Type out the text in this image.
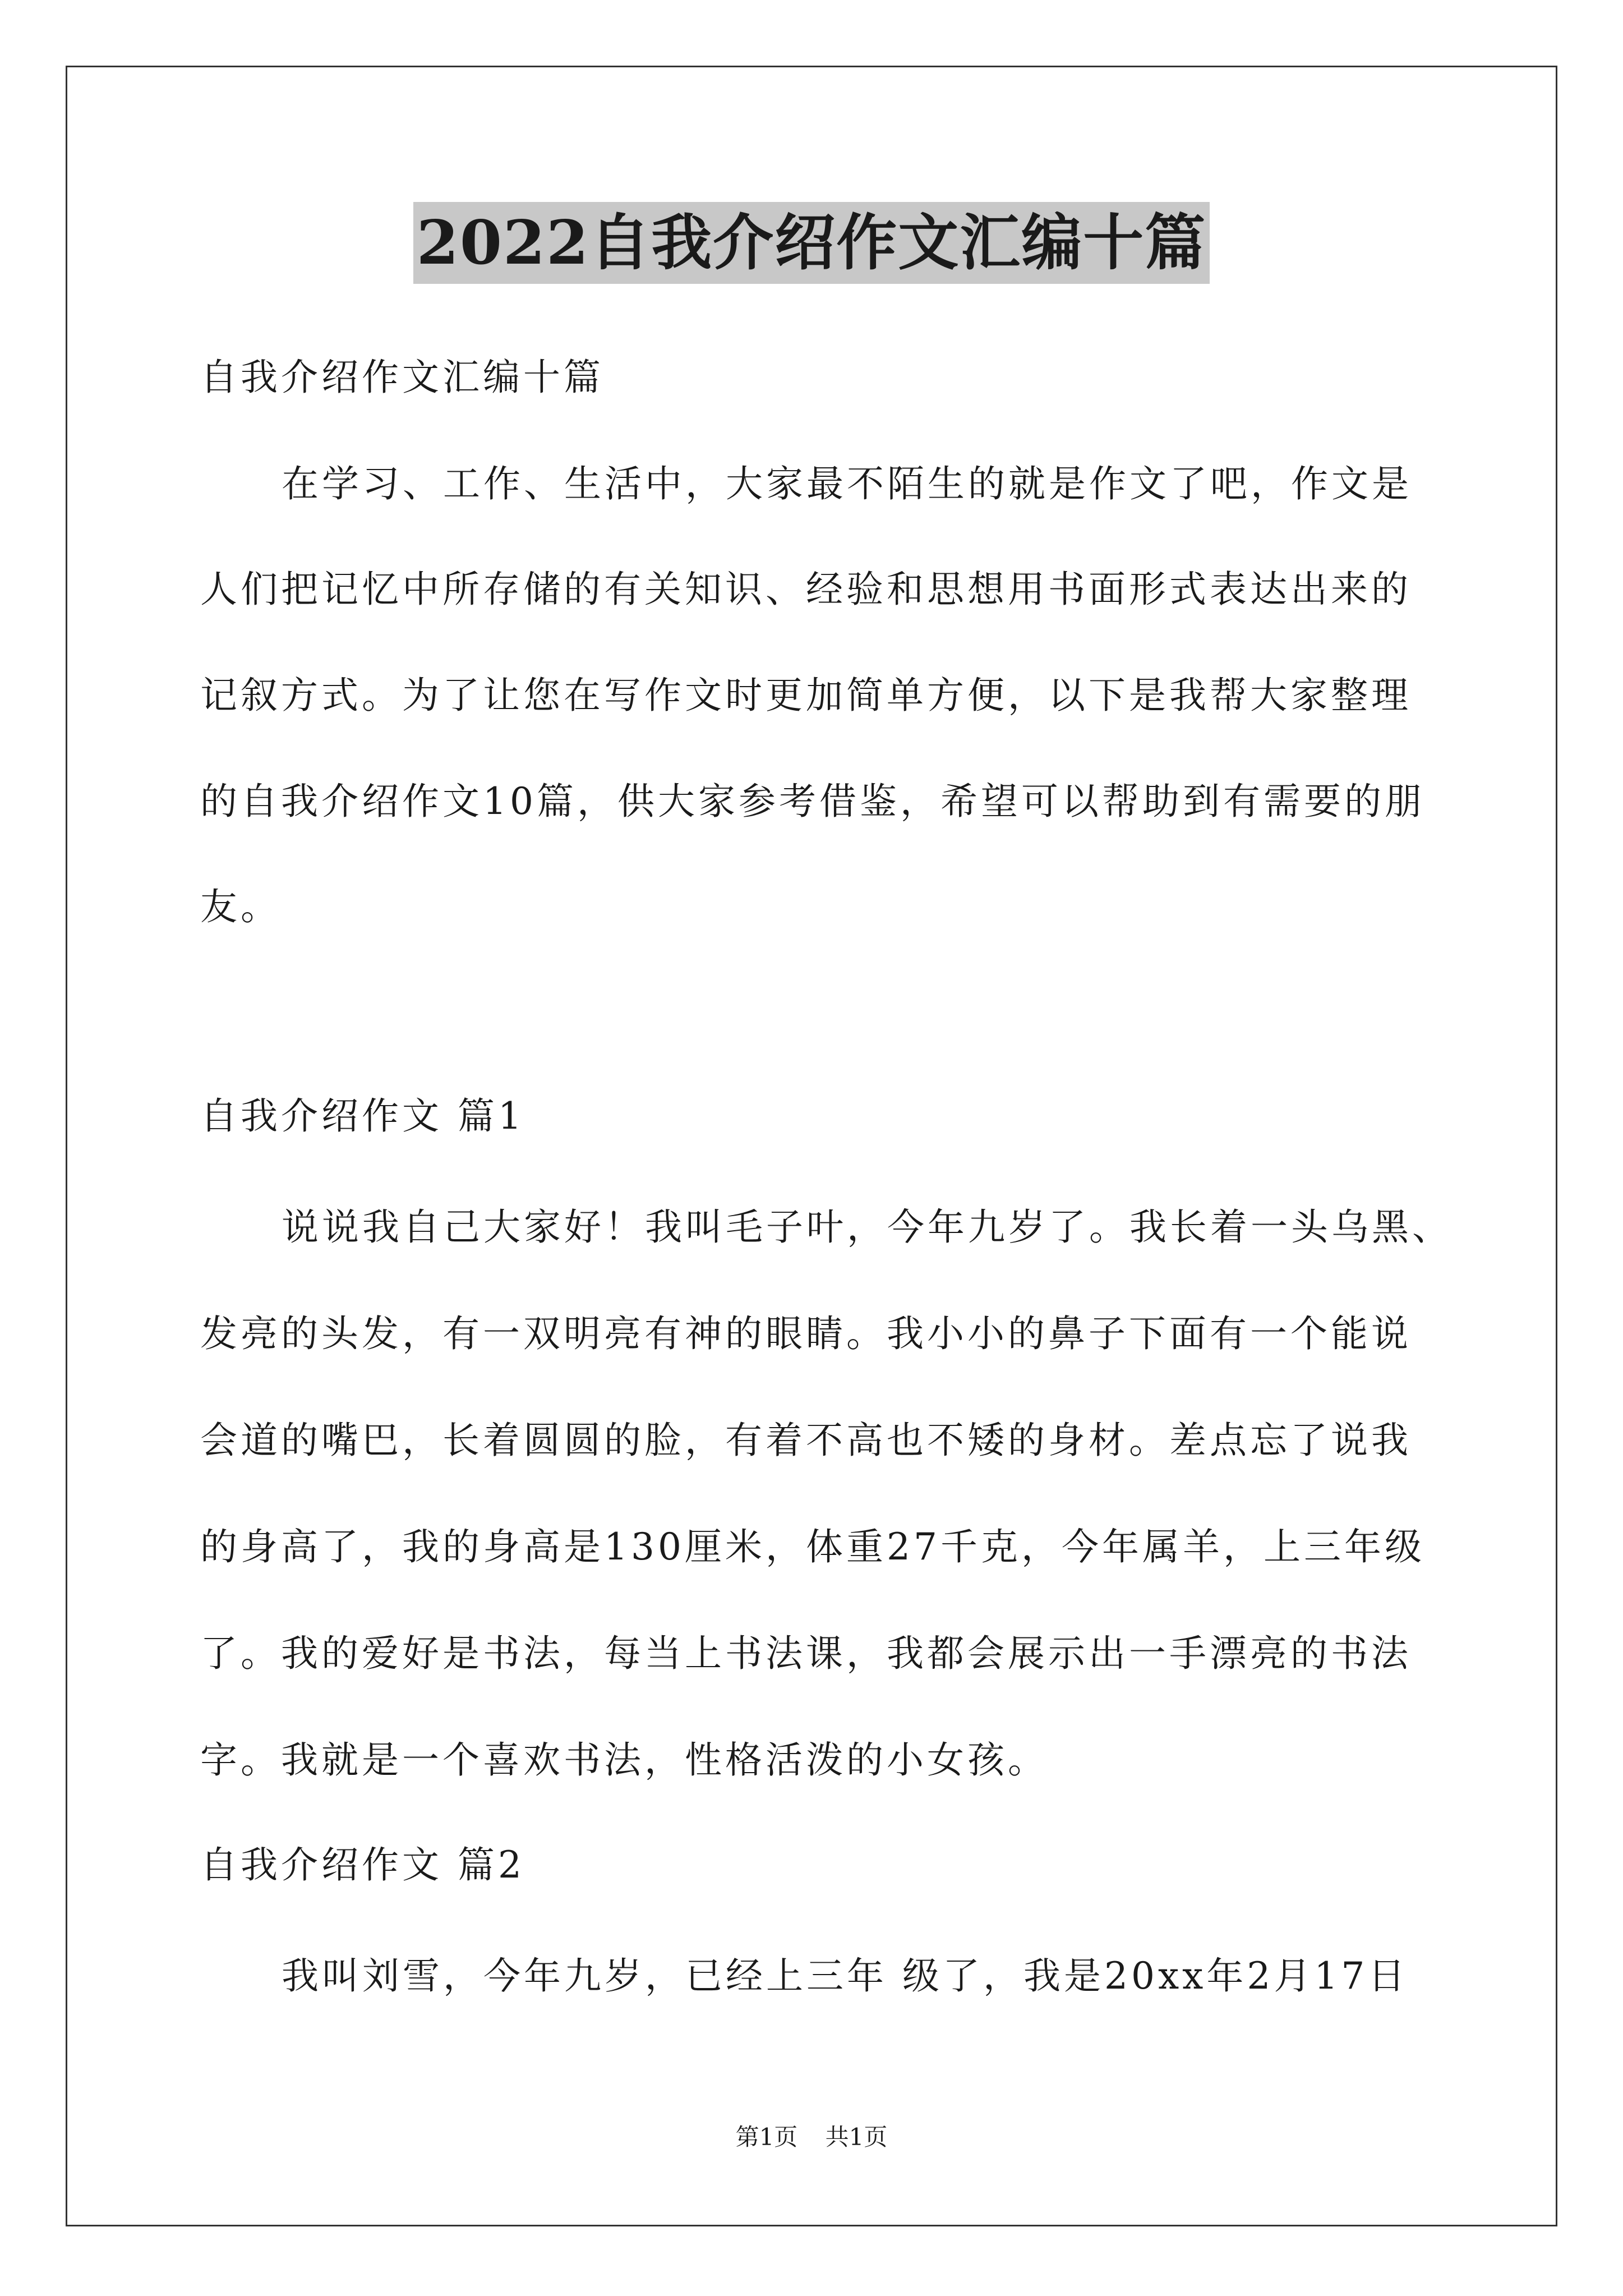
2022自我介绍作文汇编十篇
自我介绍作文汇编十篇
在学习、工作、生活中，大家最不陌生的就是作文了吧，作文是
人们把记忆中所存储的有关知识、经验和思想用书面形式表达出来的
记叙方式。为了让您在写作文时更加简单方便，以下是我帮大家整理
的自我介绍作文10篇，供大家参考借鉴，希望可以帮助到有需要的朋
友。
自我介绍作文 篇1
说说我自己大家好！我叫毛子叶，今年九岁了。我长着一头乌黑、
发亮的头发，有一双明亮有神的眼睛。我小小的鼻子下面有一个能说
会道的嘴巴，长着圆圆的脸，有着不高也不矮的身材。差点忘了说我
的身高了，我的身高是130厘米，体重27千克，今年属羊，上三年级
了。我的爱好是书法，每当上书法课，我都会展示出一手漂亮的书法
字。我就是一个喜欢书法，性格活泼的小女孩。
自我介绍作文 篇2
我叫刘雪，今年九岁，已经上三年 级了，我是20xx年2月17日
第1页 共1页
